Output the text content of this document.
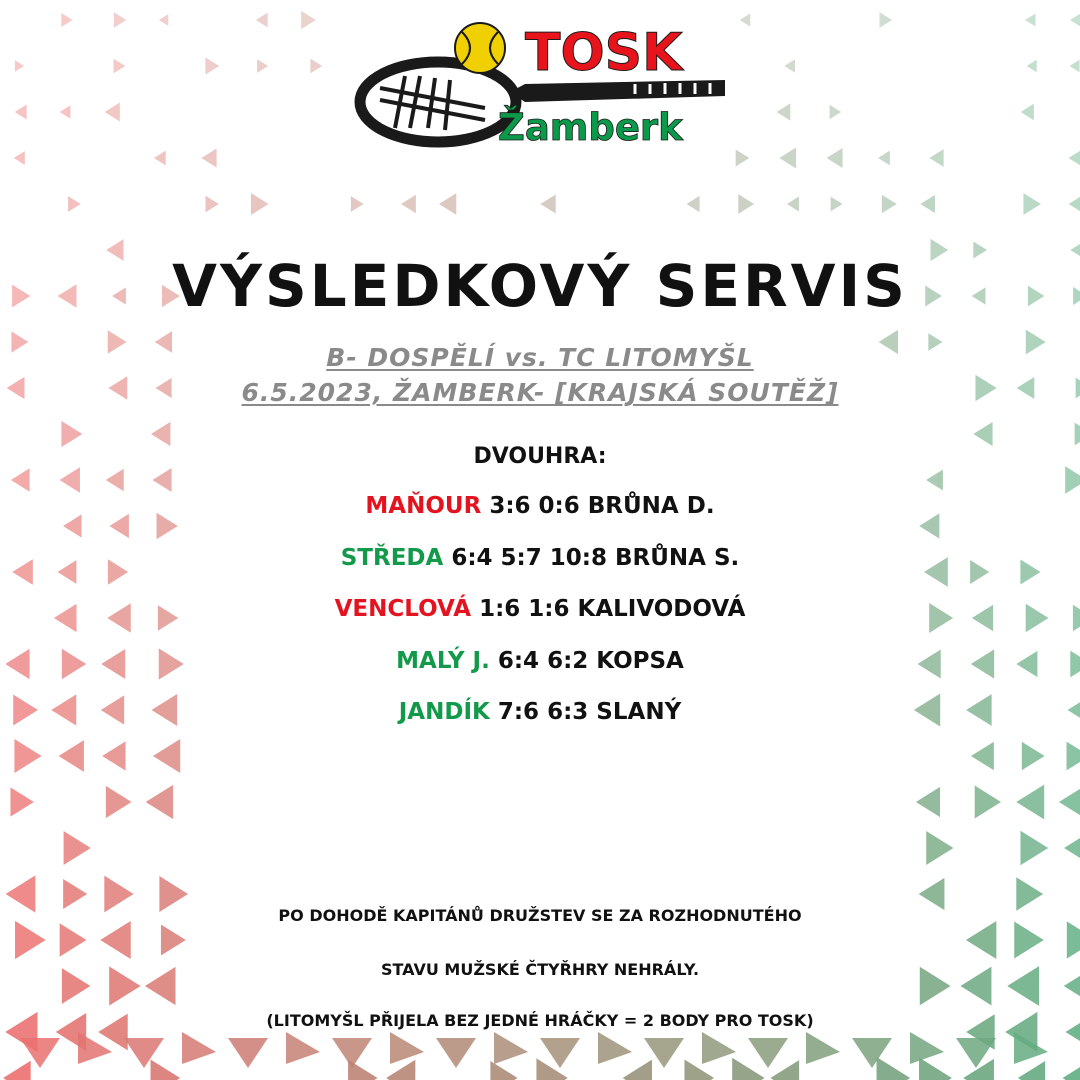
TOSK
Žamberk
VÝSLEDKOVÝ SERVIS
B- DOSPĚLÍ vs. TC LITOMYŠL
6.5.2023, ŽAMBERK- [KRAJSKÁ SOUTĚŽ]
DVOUHRA:
MAŇOUR 3:6 0:6 BRŮNA D.
STŘEDA 6:4 5:7 10:8 BRŮNA S.
VENCLOVÁ 1:6 1:6 KALIVODOVÁ
MALÝ J. 6:4 6:2 KOPSA
JANDÍK 7:6 6:3 SLANÝ
PO DOHODĚ KAPITÁNŮ DRUŽSTEV SE ZA ROZHODNUTÉHO
STAVU MUŽSKÉ ČTYŘHRY NEHRÁLY.
(LITOMYŠL PŘIJELA BEZ JEDNÉ HRÁČKY = 2 BODY PRO TOSK)
